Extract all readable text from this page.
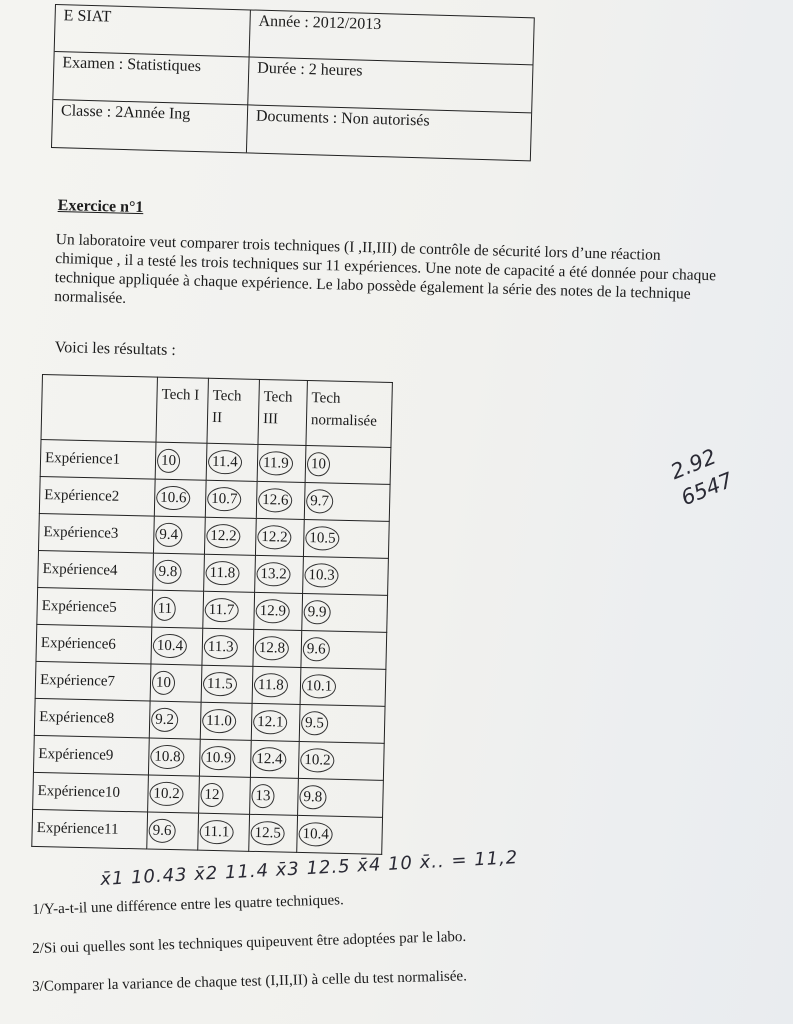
E SIAT	Année : 2012/2013
Examen : Statistiques	Durée : 2 heures
Classe : 2Année Ing	Documents : Non autorisés
Exercice n°1
Un laboratoire veut comparer trois techniques (I ,II,III) de contrôle de sécurité lors d’une réaction chimique , il a testé les trois techniques sur 11 expériences. Une note de capacité a été donnée pour chaque technique appliquée à chaque expérience. Le labo possède également la série des notes de la technique normalisée.
Voici les résultats :
	Tech I	Tech II	Tech III	Tech normalisée
Expérience1	10	11.4	11.9	10
Expérience2	10.6	10.7	12.6	9.7
Expérience3	9.4	12.2	12.2	10.5
Expérience4	9.8	11.8	13.2	10.3
Expérience5	11	11.7	12.9	9.9
Expérience6	10.4	11.3	12.8	9.6
Expérience7	10	11.5	11.8	10.1
Expérience8	9.2	11.0	12.1	9.5
Expérience9	10.8	10.9	12.4	10.2
Expérience10	10.2	12	13	9.8
Expérience11	9.6	11.1	12.5	10.4
2.92
6547
x̄1 10.43 x̄2 11.4 x̄3 12.5 x̄4 10 x̄.. = 11,2
1/Y-a-t-il une différence entre les quatre techniques.
2/Si oui quelles sont les techniques quipeuvent être adoptées par le labo.
3/Comparer la variance de chaque test (I,II,II) à celle du test normalisée.
